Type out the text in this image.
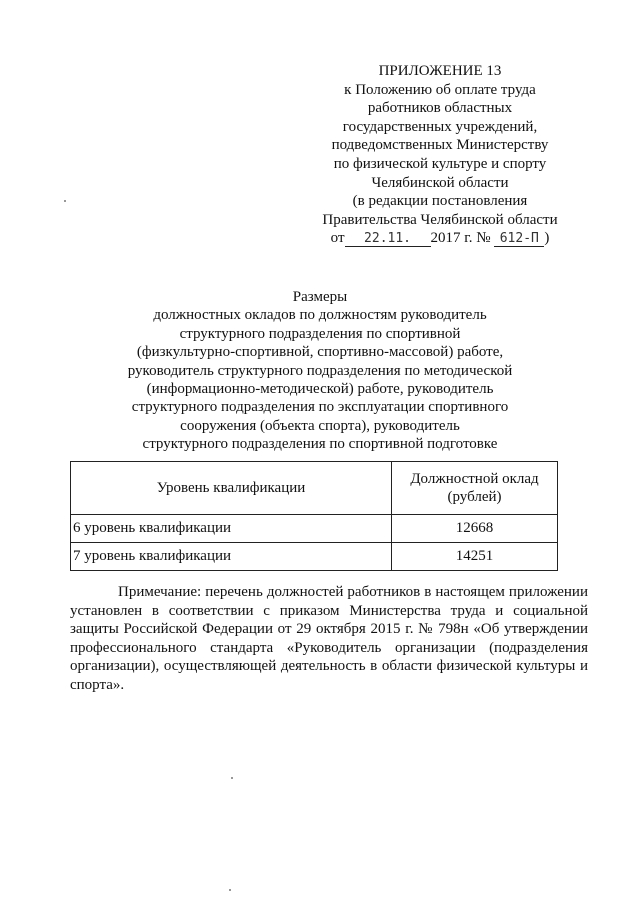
ПРИЛОЖЕНИЕ 13
к Положению об оплате труда
работников областных
государственных учреждений,
подведомственных Министерству
по физической культуре и спорту
Челябинской области
(в редакции постановления
Правительства Челябинской области
от 22.11. 2017 г. № 612-П )
Размеры
должностных окладов по должностям руководитель
структурного подразделения по спортивной
(физкультурно-спортивной, спортивно-массовой) работе,
руководитель структурного подразделения по методической
(информационно-методической) работе, руководитель
структурного подразделения по эксплуатации спортивного
сооружения (объекта спорта), руководитель
структурного подразделения по спортивной подготовке
Уровень квалификации	Должностной оклад (рублей)
6 уровень квалификации	12668
7 уровень квалификации	14251
Примечание: перечень должностей работников в настоящем приложении установлен в соответствии с приказом Министерства труда и социальной защиты Российской Федерации от 29 октября 2015 г. № 798н «Об утверждении профессионального стандарта «Руководитель организации (подразделения организации), осуществляющей деятельность в области физической культуры и спорта».
